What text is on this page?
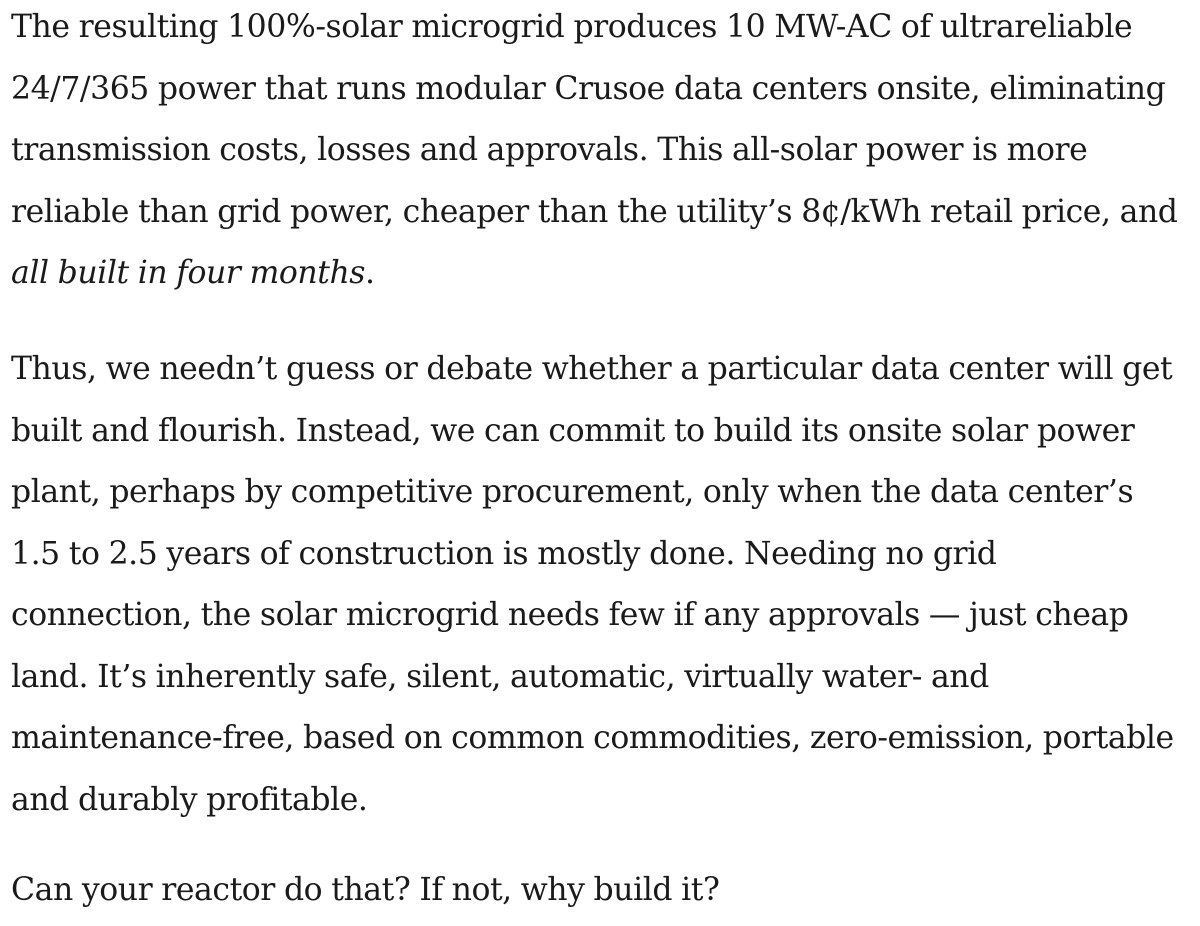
The resulting 100%-solar microgrid produces 10 MW-AC of ultrareliable 24/7/365 power that runs modular Crusoe data centers onsite, eliminating transmission costs, losses and approvals. This all-solar power is more reliable than grid power, cheaper than the utility’s 8¢/kWh retail price, and all built in four months.

Thus, we needn’t guess or debate whether a particular data center will get built and flourish. Instead, we can commit to build its onsite solar power plant, perhaps by competitive procurement, only when the data center’s 1.5 to 2.5 years of construction is mostly done. Needing no grid connection, the solar microgrid needs few if any approvals — just cheap land. It’s inherently safe, silent, automatic, virtually water- and maintenance-free, based on common commodities, zero-emission, portable and durably profitable.

Can your reactor do that? If not, why build it?
